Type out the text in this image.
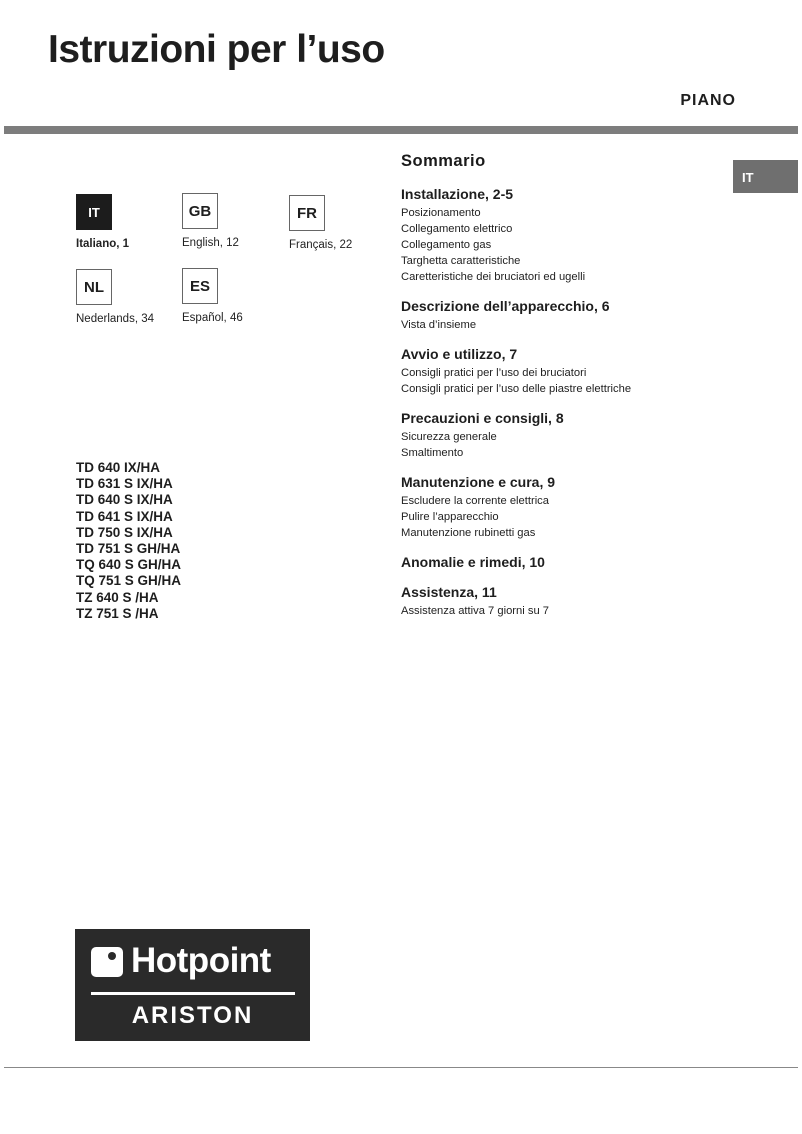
Istruzioni per l’uso
PIANO
IT
IT
Italiano, 1
GB
English, 12
FR
Français, 22
NL
Nederlands, 34
ES
Español, 46
TD 640 IX/HA
TD 631 S IX/HA
TD 640 S IX/HA
TD 641 S IX/HA
TD 750 S IX/HA
TD 751 S GH/HA
TQ 640 S GH/HA
TQ 751 S GH/HA
TZ 640 S /HA
TZ 751 S /HA
Sommario
Installazione, 2-5
Posizionamento
Collegamento elettrico
Collegamento gas
Targhetta caratteristiche
Caretteristiche dei bruciatori ed ugelli
Descrizione dell’apparecchio, 6
Vista d’insieme
Avvio e utilizzo, 7
Consigli pratici per l’uso dei bruciatori
Consigli pratici per l’uso delle piastre elettriche
Precauzioni e consigli, 8
Sicurezza generale
Smaltimento
Manutenzione e cura, 9
Escludere la corrente elettrica
Pulire l’apparecchio
Manutenzione rubinetti gas
Anomalie e rimedi, 10
Assistenza, 11
Assistenza attiva 7 giorni su 7
Hotpoint
ARISTON
